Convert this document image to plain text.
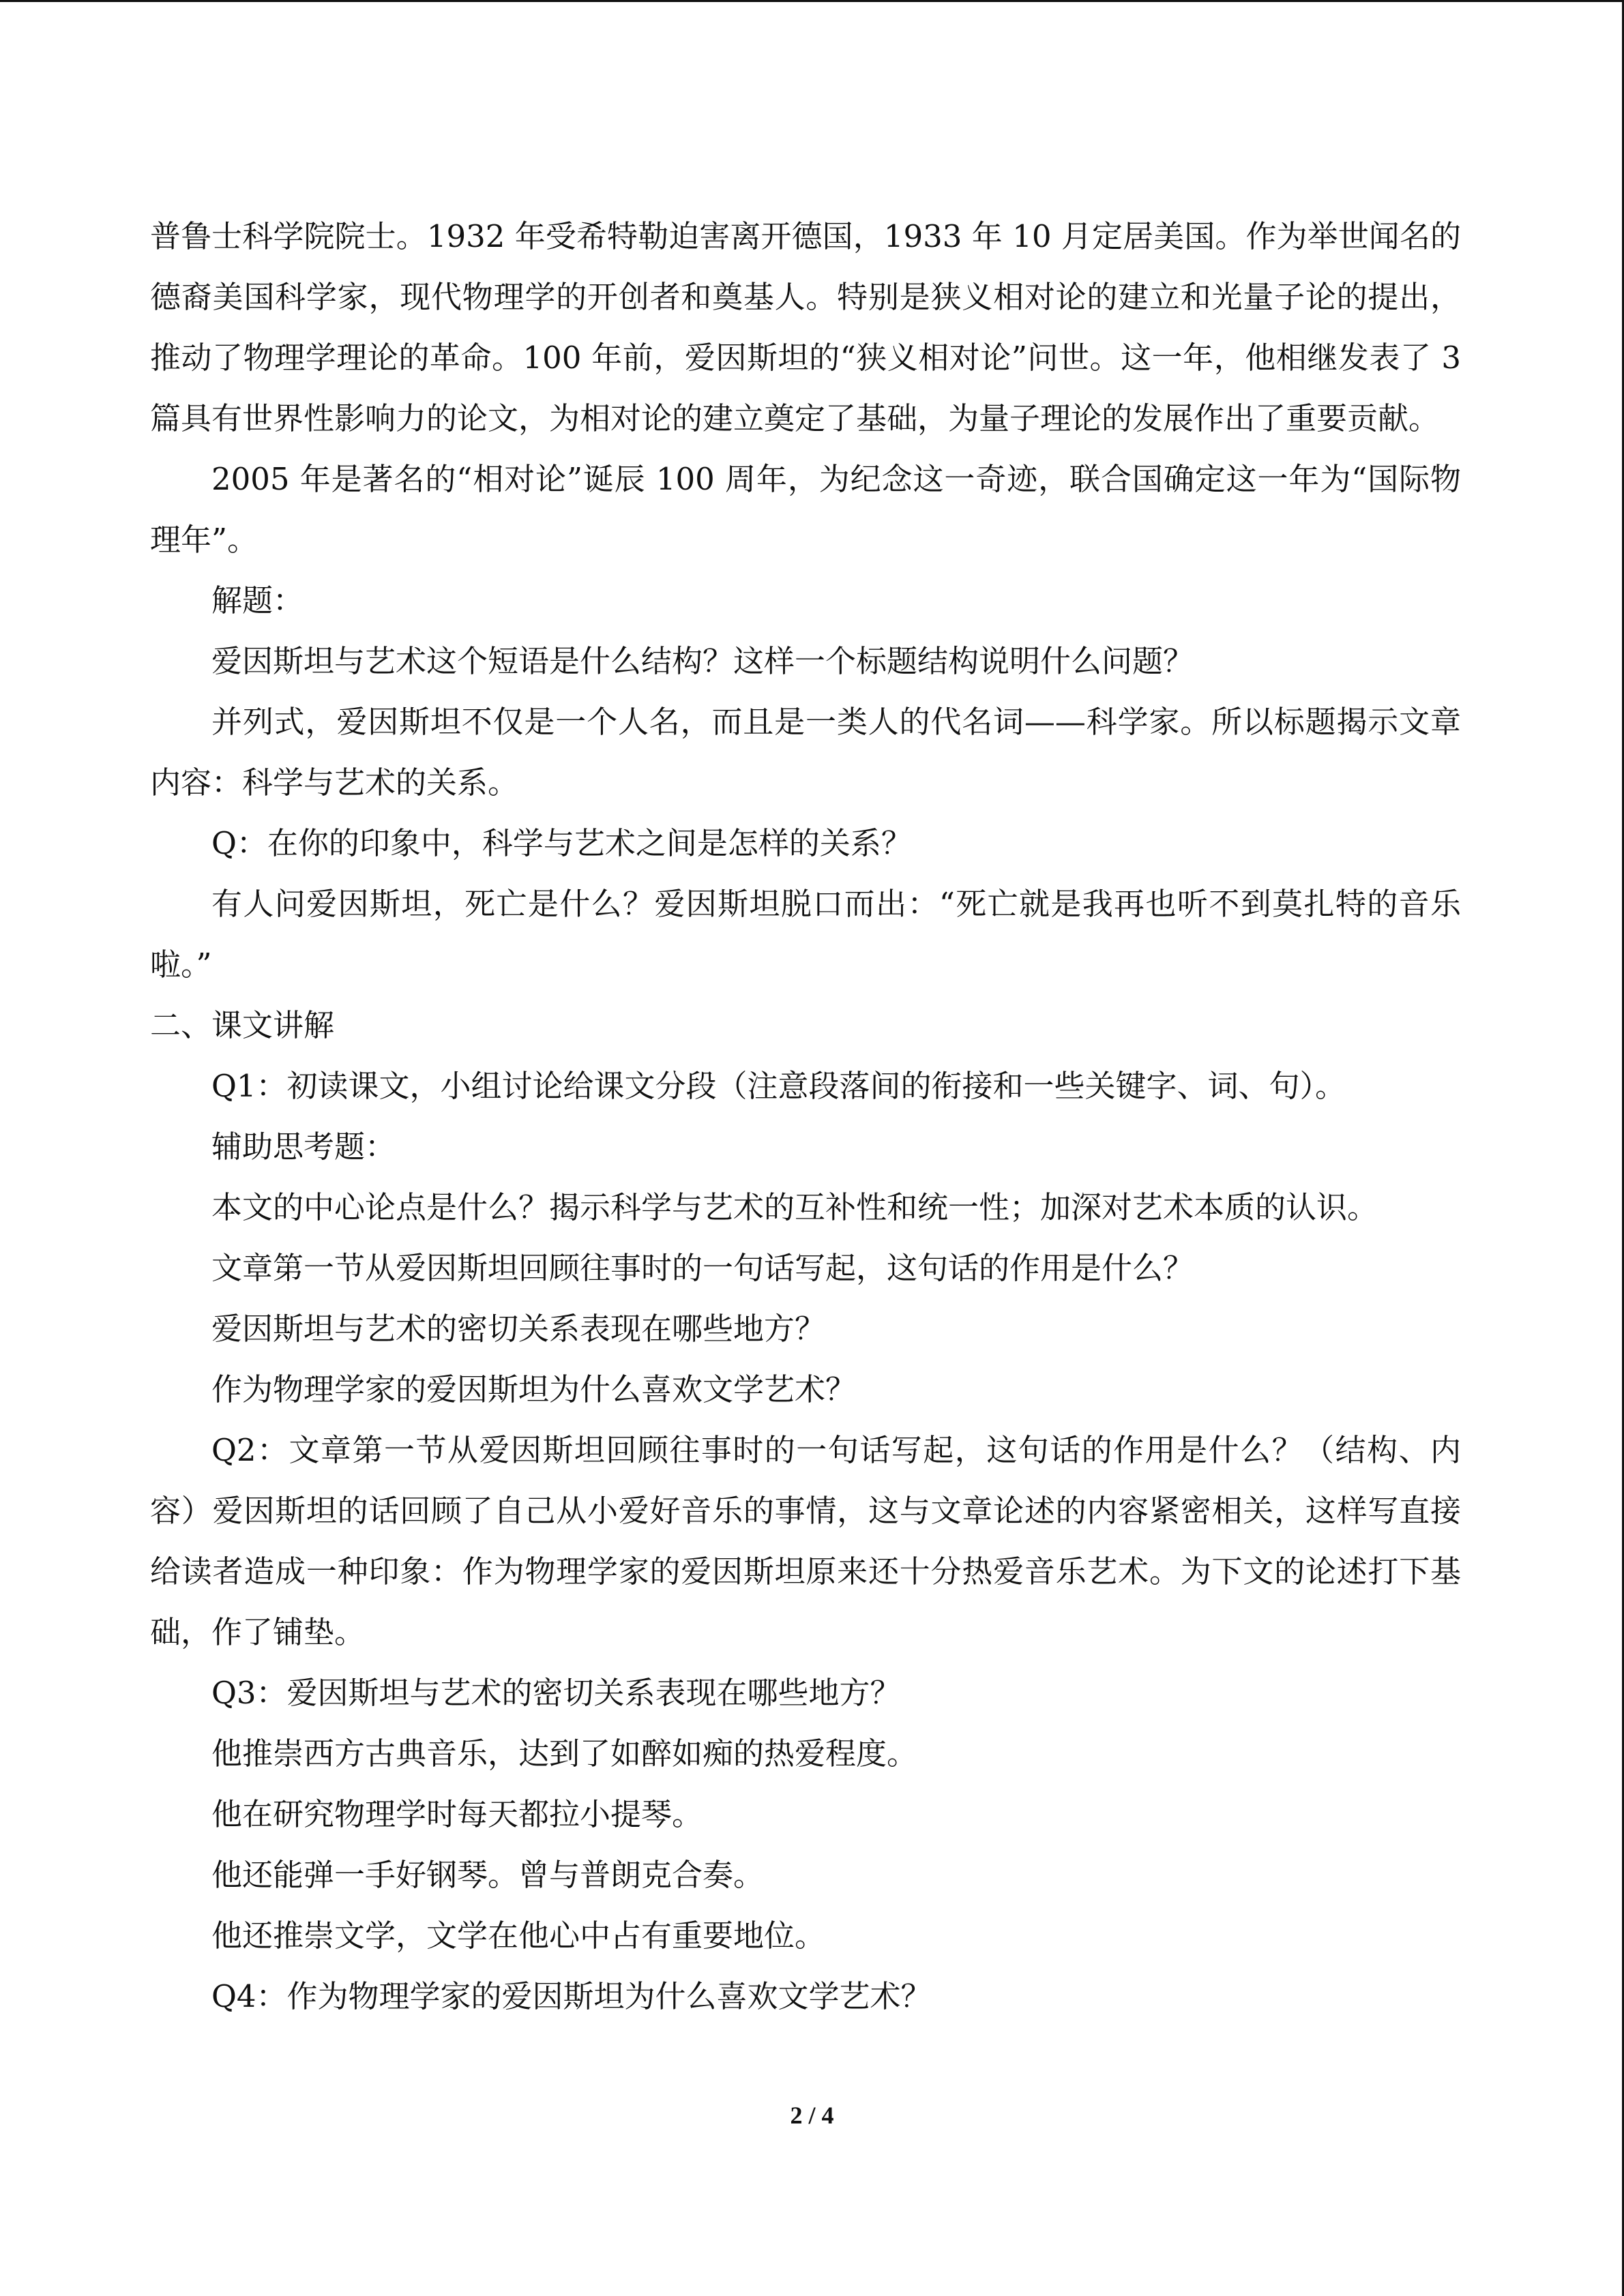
普鲁士科学院院士。1932 年受希特勒迫害离开德国，1933 年 10 月定居美国。作为举世闻名的德裔美国科学家，现代物理学的开创者和奠基人。特别是狭义相对论的建立和光量子论的提出，推动了物理学理论的革命。100 年前，爱因斯坦的“狭义相对论”问世。这一年，他相继发表了 3 篇具有世界性影响力的论文，为相对论的建立奠定了基础，为量子理论的发展作出了重要贡献。

2005 年是著名的“相对论”诞辰 100 周年，为纪念这一奇迹，联合国确定这一年为“国际物理年”。

解题：

爱因斯坦与艺术这个短语是什么结构？这样一个标题结构说明什么问题？

并列式，爱因斯坦不仅是一个人名，而且是一类人的代名词——科学家。所以标题揭示文章内容：科学与艺术的关系。

Q：在你的印象中，科学与艺术之间是怎样的关系？

有人问爱因斯坦，死亡是什么？爱因斯坦脱口而出：“死亡就是我再也听不到莫扎特的音乐啦。”

二、课文讲解

Q1：初读课文，小组讨论给课文分段（注意段落间的衔接和一些关键字、词、句）。

辅助思考题：

本文的中心论点是什么？揭示科学与艺术的互补性和统一性；加深对艺术本质的认识。

文章第一节从爱因斯坦回顾往事时的一句话写起，这句话的作用是什么？

爱因斯坦与艺术的密切关系表现在哪些地方？

作为物理学家的爱因斯坦为什么喜欢文学艺术？

Q2：文章第一节从爱因斯坦回顾往事时的一句话写起，这句话的作用是什么？（结构、内容）爱因斯坦的话回顾了自己从小爱好音乐的事情，这与文章论述的内容紧密相关，这样写直接给读者造成一种印象：作为物理学家的爱因斯坦原来还十分热爱音乐艺术。为下文的论述打下基础，作了铺垫。

Q3：爱因斯坦与艺术的密切关系表现在哪些地方？

他推崇西方古典音乐，达到了如醉如痴的热爱程度。

他在研究物理学时每天都拉小提琴。

他还能弹一手好钢琴。曾与普朗克合奏。

他还推崇文学，文学在他心中占有重要地位。

Q4：作为物理学家的爱因斯坦为什么喜欢文学艺术？

2 / 4
